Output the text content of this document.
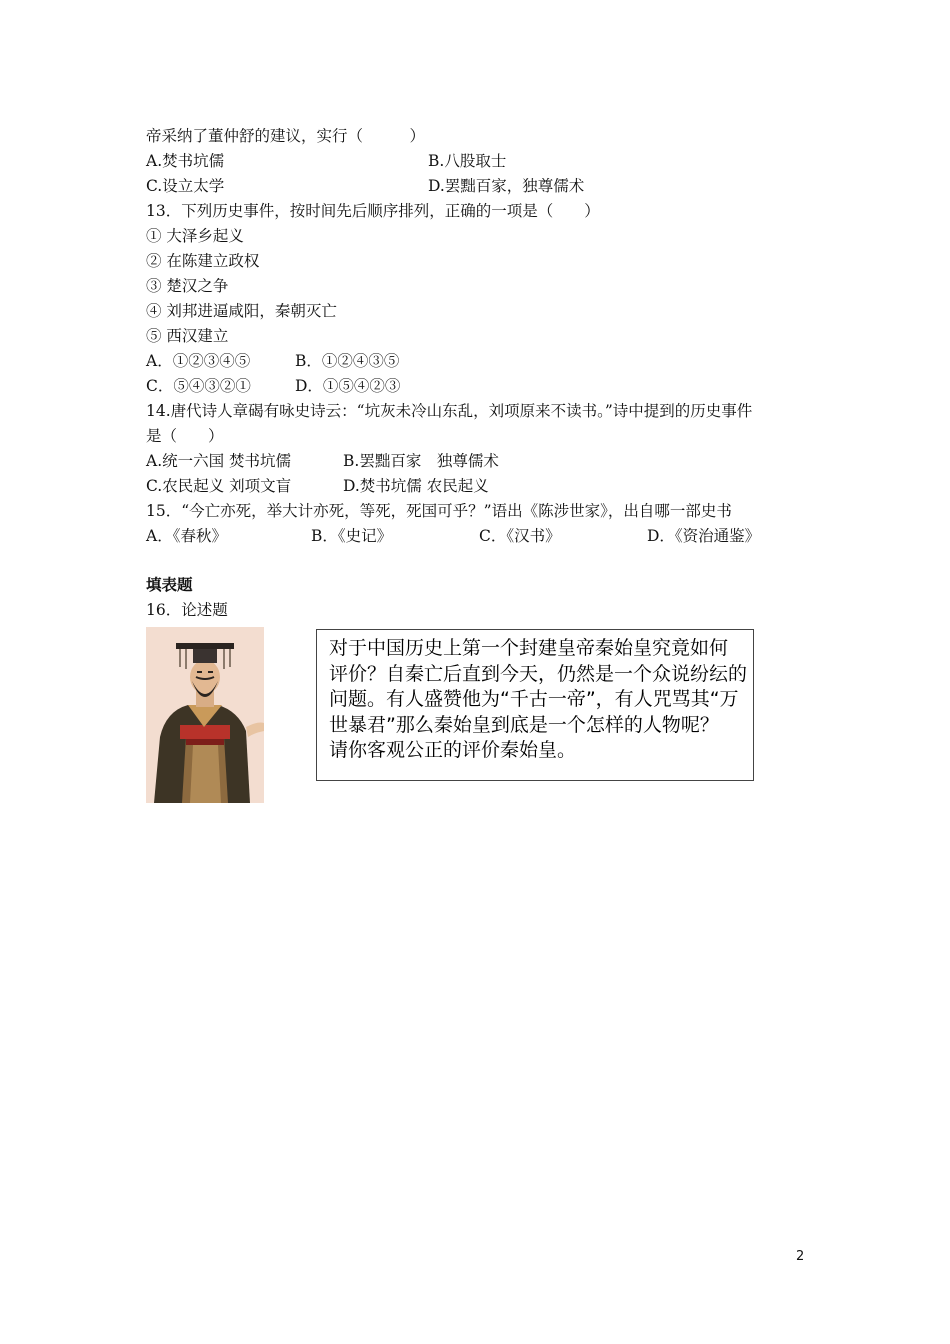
帝采纳了董仲舒的建议，实行（　　　）
A.焚书坑儒	B.八股取士
C.设立太学	D.罢黜百家，独尊儒术
13．下列历史事件，按时间先后顺序排列，正确的一项是（　　）
① 大泽乡起义
② 在陈建立政权
③ 楚汉之争
④ 刘邦进逼咸阳，秦朝灭亡
⑤ 西汉建立
A．①②③④⑤	B．①②④③⑤
C．⑤④③②①	D．①⑤④②③
14.唐代诗人章碣有咏史诗云：“坑灰未冷山东乱，刘项原来不读书。”诗中提到的历史事件
是（　　）
A.统一六国 焚书坑儒	B.罢黜百家　独尊儒术
C.农民起义 刘项文盲	D.焚书坑儒 农民起义
15．“今亡亦死，举大计亦死，等死，死国可乎？”语出《陈涉世家》，出自哪一部史书
A．《春秋》	B．《史记》	C．《汉书》	D．《资治通鉴》
填表题
16．论述题
对于中国历史上第一个封建皇帝秦始皇究竟如何
评价？自秦亡后直到今天，仍然是一个众说纷纭的
问题。有人盛赞他为“千古一帝”，有人咒骂其“万
世暴君”那么秦始皇到底是一个怎样的人物呢？
请你客观公正的评价秦始皇。
2
